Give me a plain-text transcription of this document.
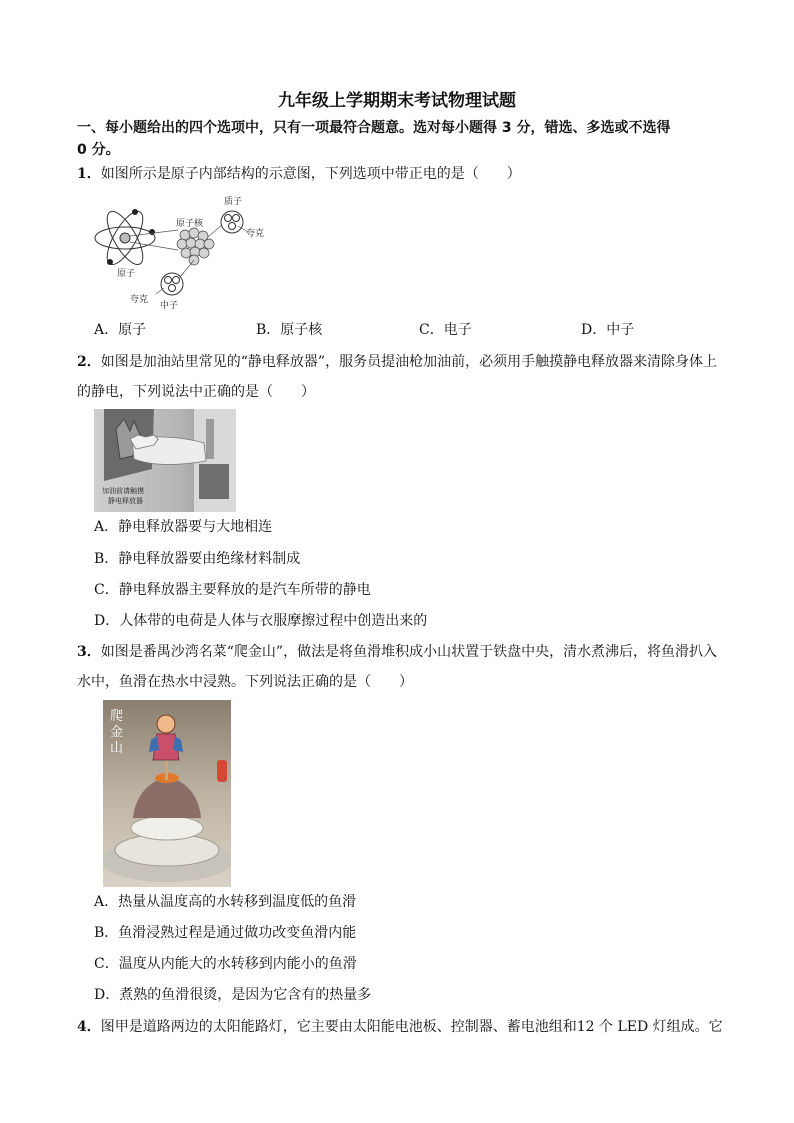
九年级上学期期末考试物理试题
一、每小题给出的四个选项中，只有一项最符合题意。选对每小题得 3 分，错选、多选或不选得
0 分。
1．如图所示是原子内部结构的示意图，下列选项中带正电的是（　　）
质子
原子核
夸克
原子
夸克
中子
A．原子	B．原子核	C．电子	D．中子
2．如图是加油站里常见的“静电释放器”，服务员提油枪加油前，必须用手触摸静电释放器来清除身体上
的静电，下列说法中正确的是（　　）
加油前请触摸
静电释放器
A．静电释放器要与大地相连
B．静电释放器要由绝缘材料制成
C．静电释放器主要释放的是汽车所带的静电
D．人体带的电荷是人体与衣服摩擦过程中创造出来的
3．如图是番禺沙湾名菜“爬金山”，做法是将鱼滑堆积成小山状置于铁盘中央，清水煮沸后，将鱼滑扒入
水中，鱼滑在热水中浸熟。下列说法正确的是（　　）
爬
金
山
A．热量从温度高的水转移到温度低的鱼滑
B．鱼滑浸熟过程是通过做功改变鱼滑内能
C．温度从内能大的水转移到内能小的鱼滑
D．煮熟的鱼滑很烫，是因为它含有的热量多
4．图甲是道路两边的太阳能路灯，它主要由太阳能电池板、控制器、蓄电池组和12 个 LED 灯组成。它
